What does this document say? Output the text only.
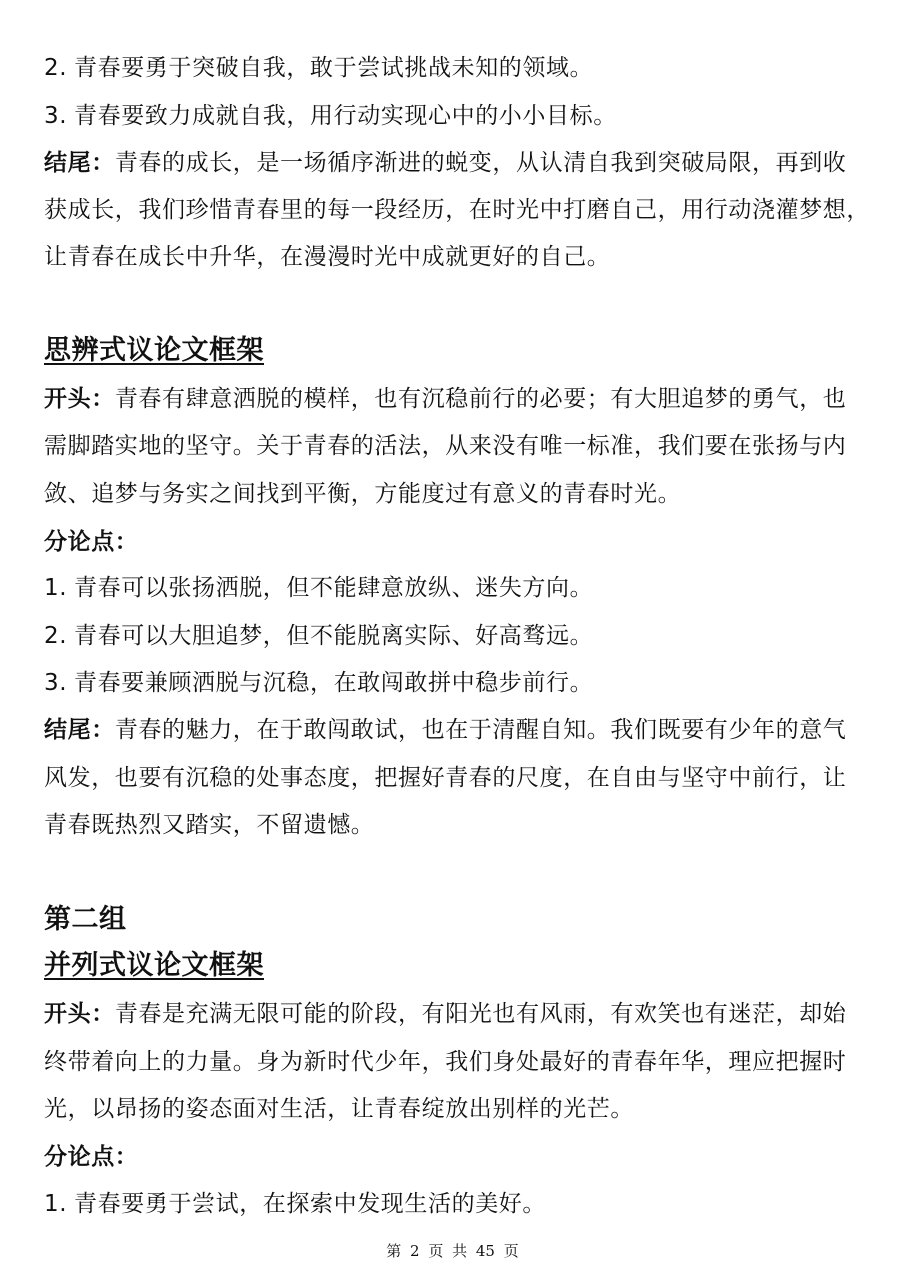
2. 青春要勇于突破自我，敢于尝试挑战未知的领域。
3. 青春要致力成就自我，用行动实现心中的小小目标。
结尾：青春的成长，是一场循序渐进的蜕变，从认清自我到突破局限，再到收
获成长，我们珍惜青春里的每一段经历，在时光中打磨自己，用行动浇灌梦想，
让青春在成长中升华，在漫漫时光中成就更好的自己。
思辨式议论文框架
开头：青春有肆意洒脱的模样，也有沉稳前行的必要；有大胆追梦的勇气，也
需脚踏实地的坚守。关于青春的活法，从来没有唯一标准，我们要在张扬与内
敛、追梦与务实之间找到平衡，方能度过有意义的青春时光。
分论点：
1. 青春可以张扬洒脱，但不能肆意放纵、迷失方向。
2. 青春可以大胆追梦，但不能脱离实际、好高骛远。
3. 青春要兼顾洒脱与沉稳，在敢闯敢拼中稳步前行。
结尾：青春的魅力，在于敢闯敢试，也在于清醒自知。我们既要有少年的意气
风发，也要有沉稳的处事态度，把握好青春的尺度，在自由与坚守中前行，让
青春既热烈又踏实，不留遗憾。
第二组
并列式议论文框架
开头：青春是充满无限可能的阶段，有阳光也有风雨，有欢笑也有迷茫，却始
终带着向上的力量。身为新时代少年，我们身处最好的青春年华，理应把握时
光，以昂扬的姿态面对生活，让青春绽放出别样的光芒。
分论点：
1. 青春要勇于尝试，在探索中发现生活的美好。
第 2 页 共 45 页
